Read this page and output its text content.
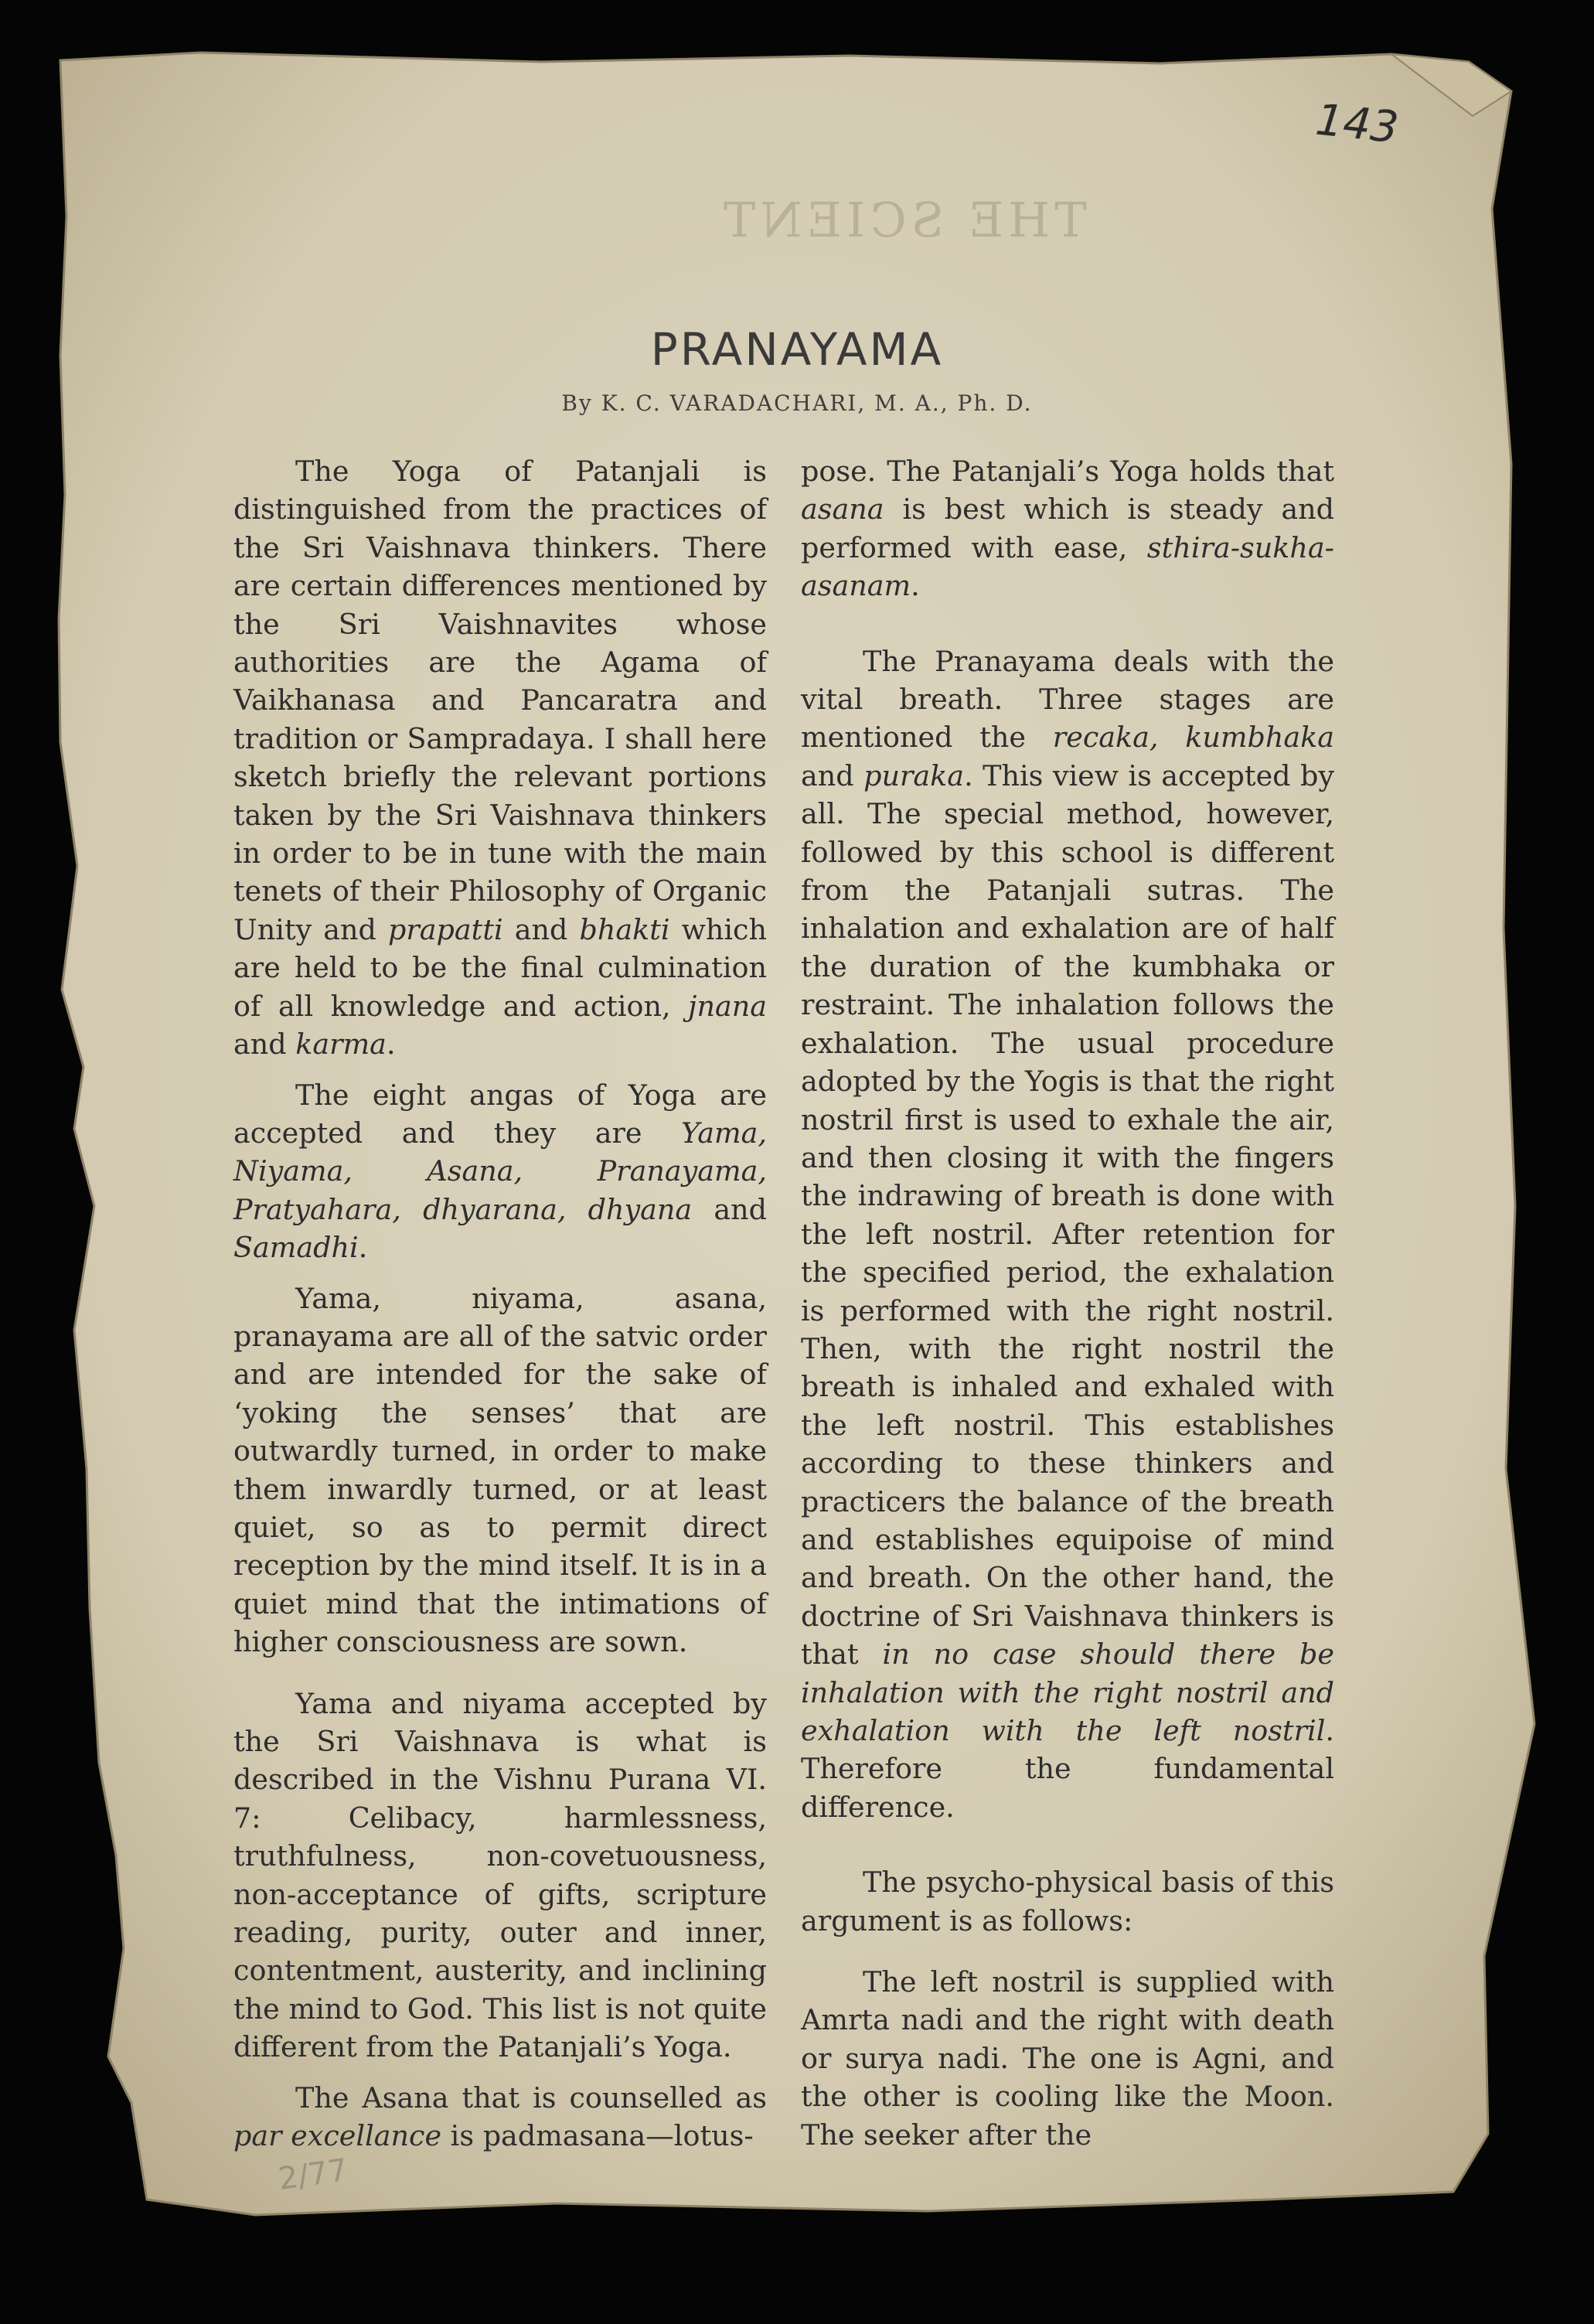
143
THE SCIENT
PRANAYAMA
By K. C. VARADACHARI, M. A., Ph. D.

The Yoga of Patanjali is distinguished from the practices of the Sri Vaishnava thinkers. There are certain differences mentioned by the Sri Vaishnavites whose authorities are the Agama of Vaikhanasa and Pancaratra and tradition or Sampradaya. I shall here sketch briefly the relevant portions taken by the Sri Vaishnava thinkers in order to be in tune with the main tenets of their Philosophy of Organic Unity and prapatti and bhakti which are held to be the final culmination of all knowledge and action, jnana and karma.

The eight angas of Yoga are accepted and they are Yama, Niyama, Asana, Pranayama, Pratyahara, dhyarana, dhyana and Samadhi.

Yama, niyama, asana, pranayama are all of the satvic order and are intended for the sake of ‘yoking the senses’ that are outwardly turned, in order to make them inwardly turned, or at least quiet, so as to permit direct reception by the mind itself. It is in a quiet mind that the intimations of higher consciousness are sown.

Yama and niyama accepted by the Sri Vaishnava is what is described in the Vishnu Purana VI. 7: Celibacy, harmlessness, truthfulness, non-covetuousness, non-acceptance of gifts, scripture reading, purity, outer and inner, contentment, austerity, and inclining the mind to God. This list is not quite different from the Patanjali’s Yoga.

The Asana that is counselled as par excellance is padmasana—lotus-

pose. The Patanjali’s Yoga holds that asana is best which is steady and performed with ease, sthira-sukha-asanam.

The Pranayama deals with the vital breath. Three stages are mentioned the recaka, kumbhaka and puraka. This view is accepted by all. The special method, however, followed by this school is different from the Patanjali sutras. The inhalation and exhalation are of half the duration of the kumbhaka or restraint. The inhalation follows the exhalation. The usual procedure adopted by the Yogis is that the right nostril first is used to exhale the air, and then closing it with the fingers the indrawing of breath is done with the left nostril. After retention for the specified period, the exhalation is performed with the right nostril. Then, with the right nostril the breath is inhaled and exhaled with the left nostril. This establishes according to these thinkers and practicers the balance of the breath and establishes equipoise of mind and breath. On the other hand, the doctrine of Sri Vaishnava thinkers is that in no case should there be inhalation with the right nostril and exhalation with the left nostril. Therefore the fundamental difference.

The psycho-physical basis of this argument is as follows:

The left nostril is supplied with Amrta nadi and the right with death or surya nadi. The one is Agni, and the other is cooling like the Moon. The seeker after the

2/77
